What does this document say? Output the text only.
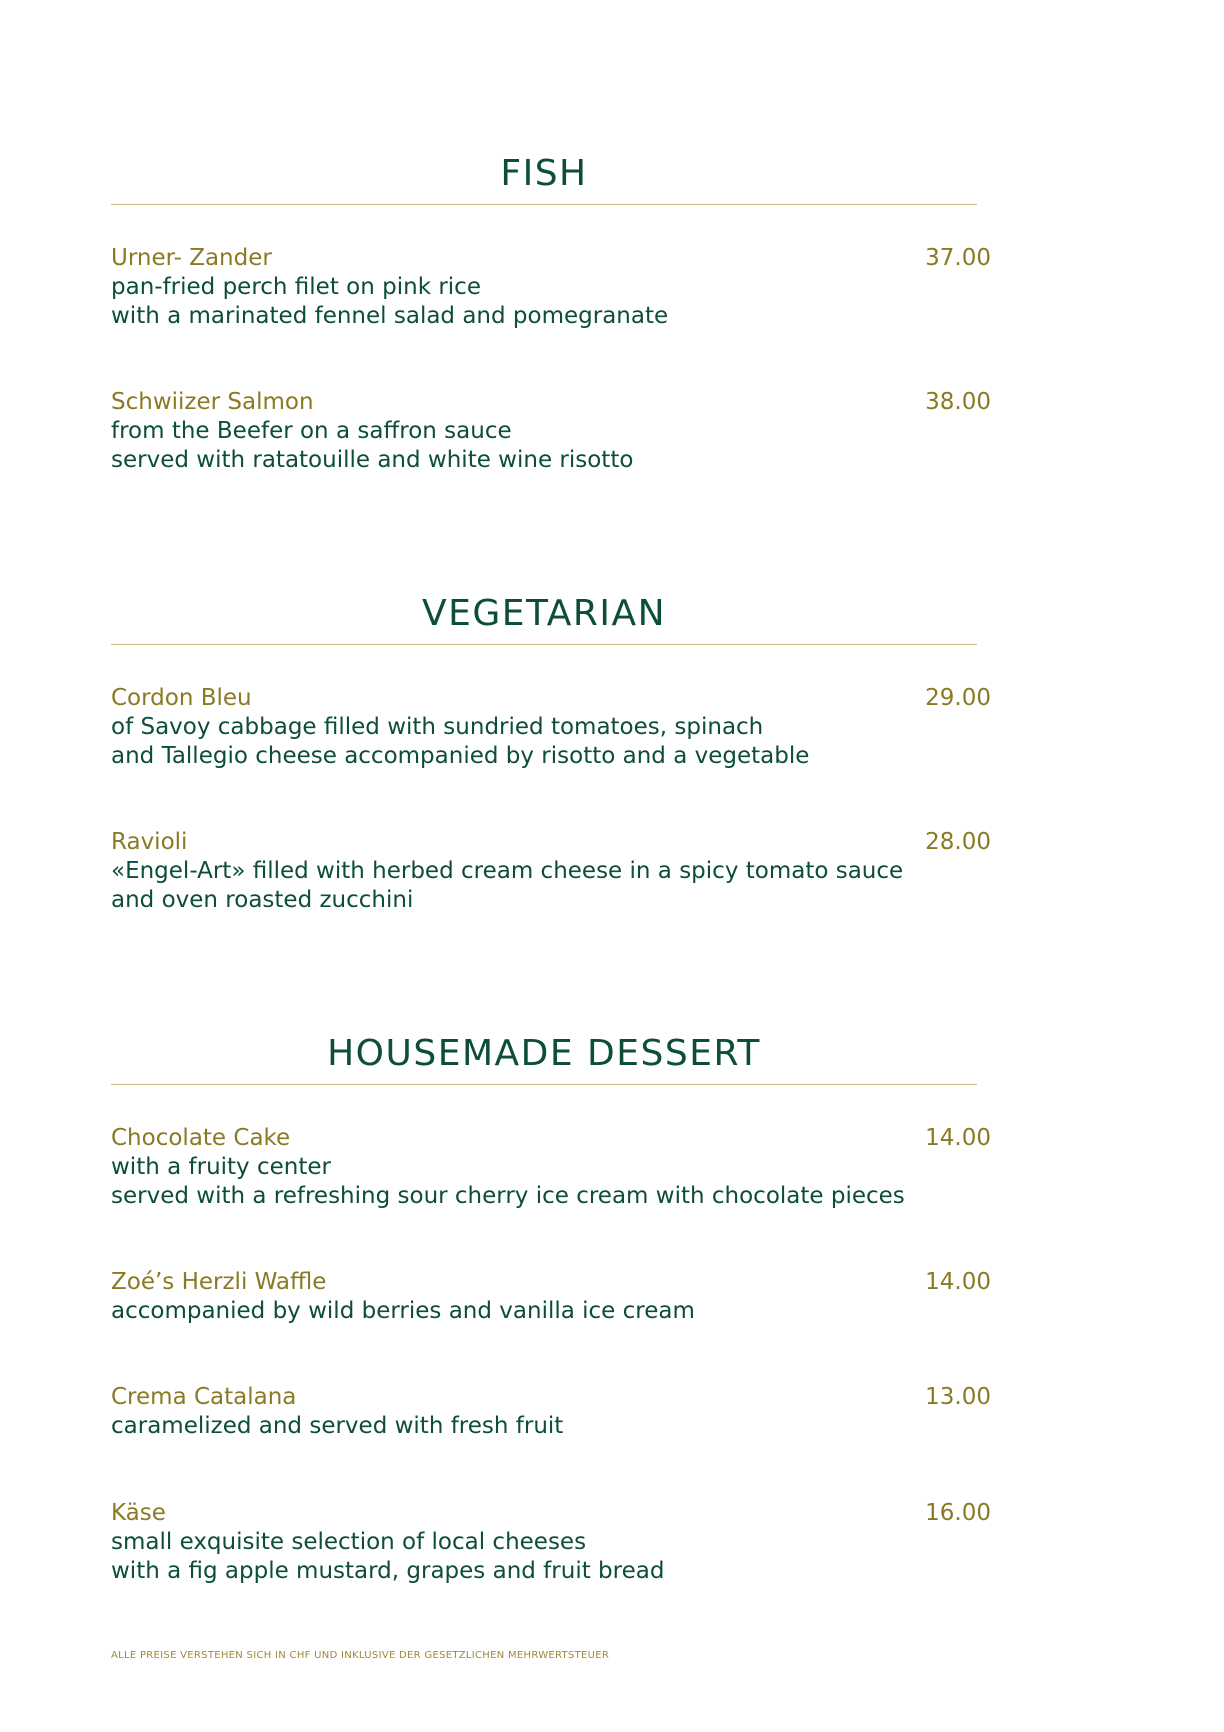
FISH
Urner- Zander	37.00
pan-fried perch filet on pink rice
with a marinated fennel salad and pomegranate
Schwiizer Salmon	38.00
from the Beefer on a saffron sauce
served with ratatouille and white wine risotto
VEGETARIAN
Cordon Bleu	29.00
of Savoy cabbage filled with sundried tomatoes, spinach
and Tallegio cheese accompanied by risotto and a vegetable
Ravioli	28.00
«Engel-Art» filled with herbed cream cheese in a spicy tomato sauce
and oven roasted zucchini
HOUSEMADE DESSERT
Chocolate Cake	14.00
with a fruity center
served with a refreshing sour cherry ice cream with chocolate pieces
Zoé’s Herzli Waffle	14.00
accompanied by wild berries and vanilla ice cream
Crema Catalana	13.00
caramelized and served with fresh fruit
Käse	16.00
small exquisite selection of local cheeses
with a fig apple mustard, grapes and fruit bread
ALLE PREISE VERSTEHEN SICH IN CHF UND INKLUSIVE DER GESETZLICHEN MEHRWERTSTEUER
